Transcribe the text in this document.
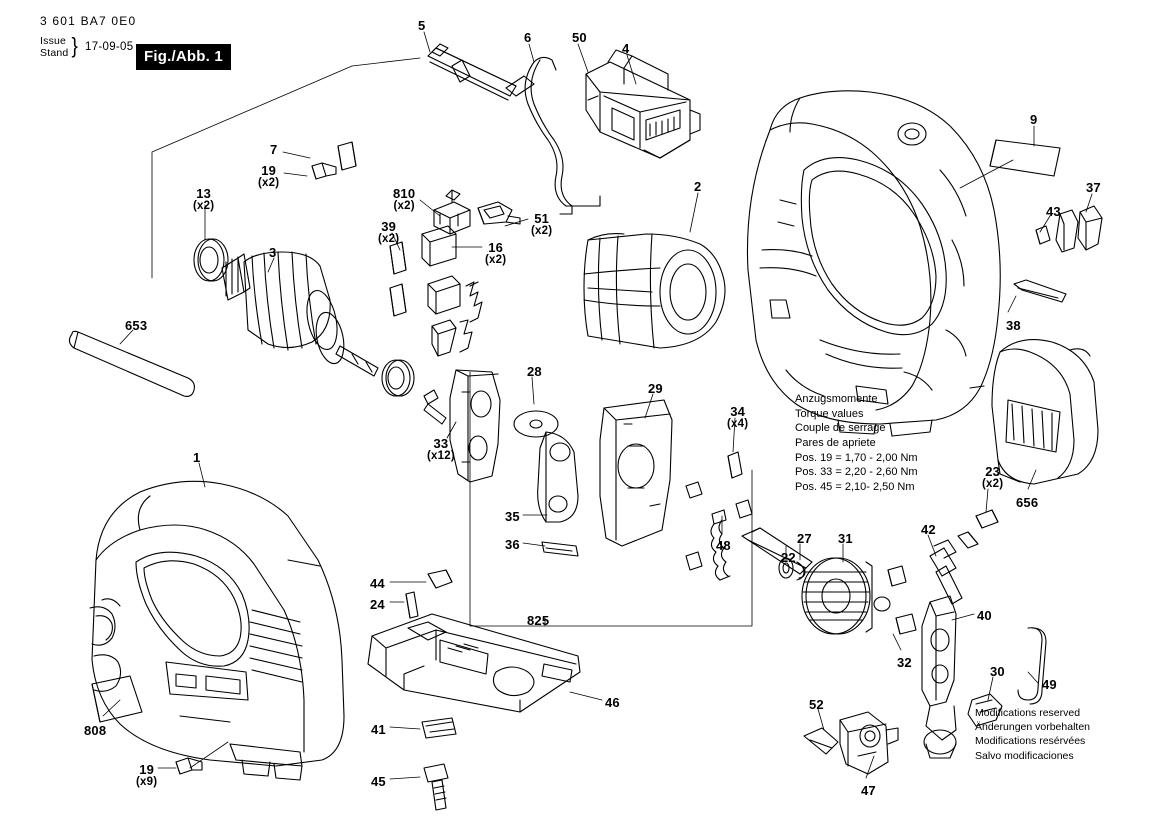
3 601 BA7 0E0
Issue
Stand } 17-09-05
Fig./Abb. 1
Anzugsmomente
Torque values
Couple de serrage
Pares de apriete
Pos. 19 = 1,70 - 2,00 Nm
Pos. 33 = 2,20 - 2,60 Nm
Pos. 45 = 2,10- 2,50 Nm
Modifications reserved
Änderungen vorbehalten
Modifications resérvées
Salvo modificaciones
5
6	50
4
9
7
19
(x2)	37
2
810
(x2)
13
(x2)	43
51
(x2)
39
(x2)
16
(x2)
3
38
653
28
29
34
(x4)
33
(x12)
1
23
(x2)
656
35
22
27 31
42
36	48
44
24
825	40
32
808
30
49
46
41
52
19
(x9)	45
47
